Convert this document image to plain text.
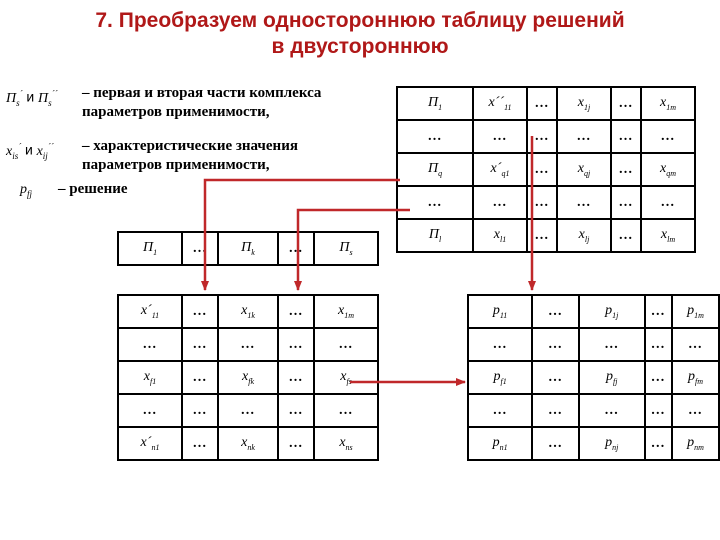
7. Преобразуем одностороннюю таблицу решений
в двустороннюю
$П_s^´$ и $П_s^{´´}$ – первая и вторая части комплекса
параметров применимости,
$x_{is}^´$ и $x_{ij}^{´´}$ – характеристические значения
параметров применимости,
$p_{fj}$ – решение
$П_1$	$x´´_{11}$	…	$x_{1j}$	…	$x_{1m}$
…	…	…	…	…	…
$П_q$	$x´_{q1}$	…	$x_{qj}$	…	$x_{qm}$
…	…	…	…	…	…
$П_l$	$x_{l1}$	…	$x_{lj}$	…	$x_{lm}$
$П_1$	…	$П_k$	…	$П_s$
$x´_{11}$	…	$x_{1k}$	…	$x_{1m}$
…	…	…	…	…
$x_{f1}$	…	$x_{fk}$	…	$x_{fs}$
…	…	…	…	…
$x´_{n1}$	…	$x_{nk}$	…	$x_{ns}$
$p_{11}$	…	$p_{1j}$	…	$p_{1m}$
…	…	…	…	…
$p_{f1}$	…	$p_{fj}$	…	$p_{fm}$
…	…	…	…	…
$p_{n1}$	…	$p_{nj}$	…	$p_{nm}$
